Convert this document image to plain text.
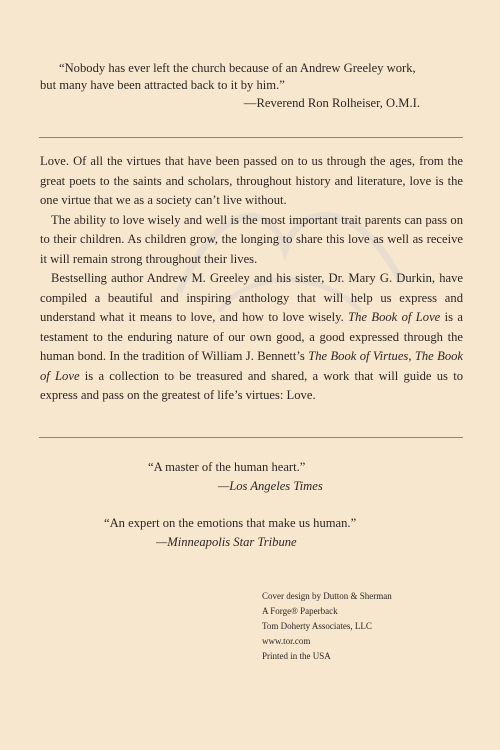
“Nobody has ever left the church because of an Andrew Greeley work, but many have been attracted back to it by him.”
—Reverend Ron Rolheiser, O.M.I.

Love. Of all the virtues that have been passed on to us through the ages, from the great poets to the saints and scholars, throughout history and literature, love is the one virtue that we as a society can’t live without.

The ability to love wisely and well is the most important trait parents can pass on to their children. As children grow, the longing to share this love as well as receive it will remain strong throughout their lives.

Bestselling author Andrew M. Greeley and his sister, Dr. Mary G. Durkin, have compiled a beautiful and inspiring anthology that will help us express and understand what it means to love, and how to love wisely. The Book of Love is a testament to the enduring nature of our own good, a good expressed through the human bond. In the tradition of William J. Bennett’s The Book of Virtues, The Book of Love is a collection to be treasured and shared, a work that will guide us to express and pass on the greatest of life’s virtues: Love.

“A master of the human heart.”
—Los Angeles Times
“An expert on the emotions that make us human.”
—Minneapolis Star Tribune
Cover design by Dutton & Sherman
A Forge® Paperback
Tom Doherty Associates, LLC
www.tor.com
Printed in the USA
